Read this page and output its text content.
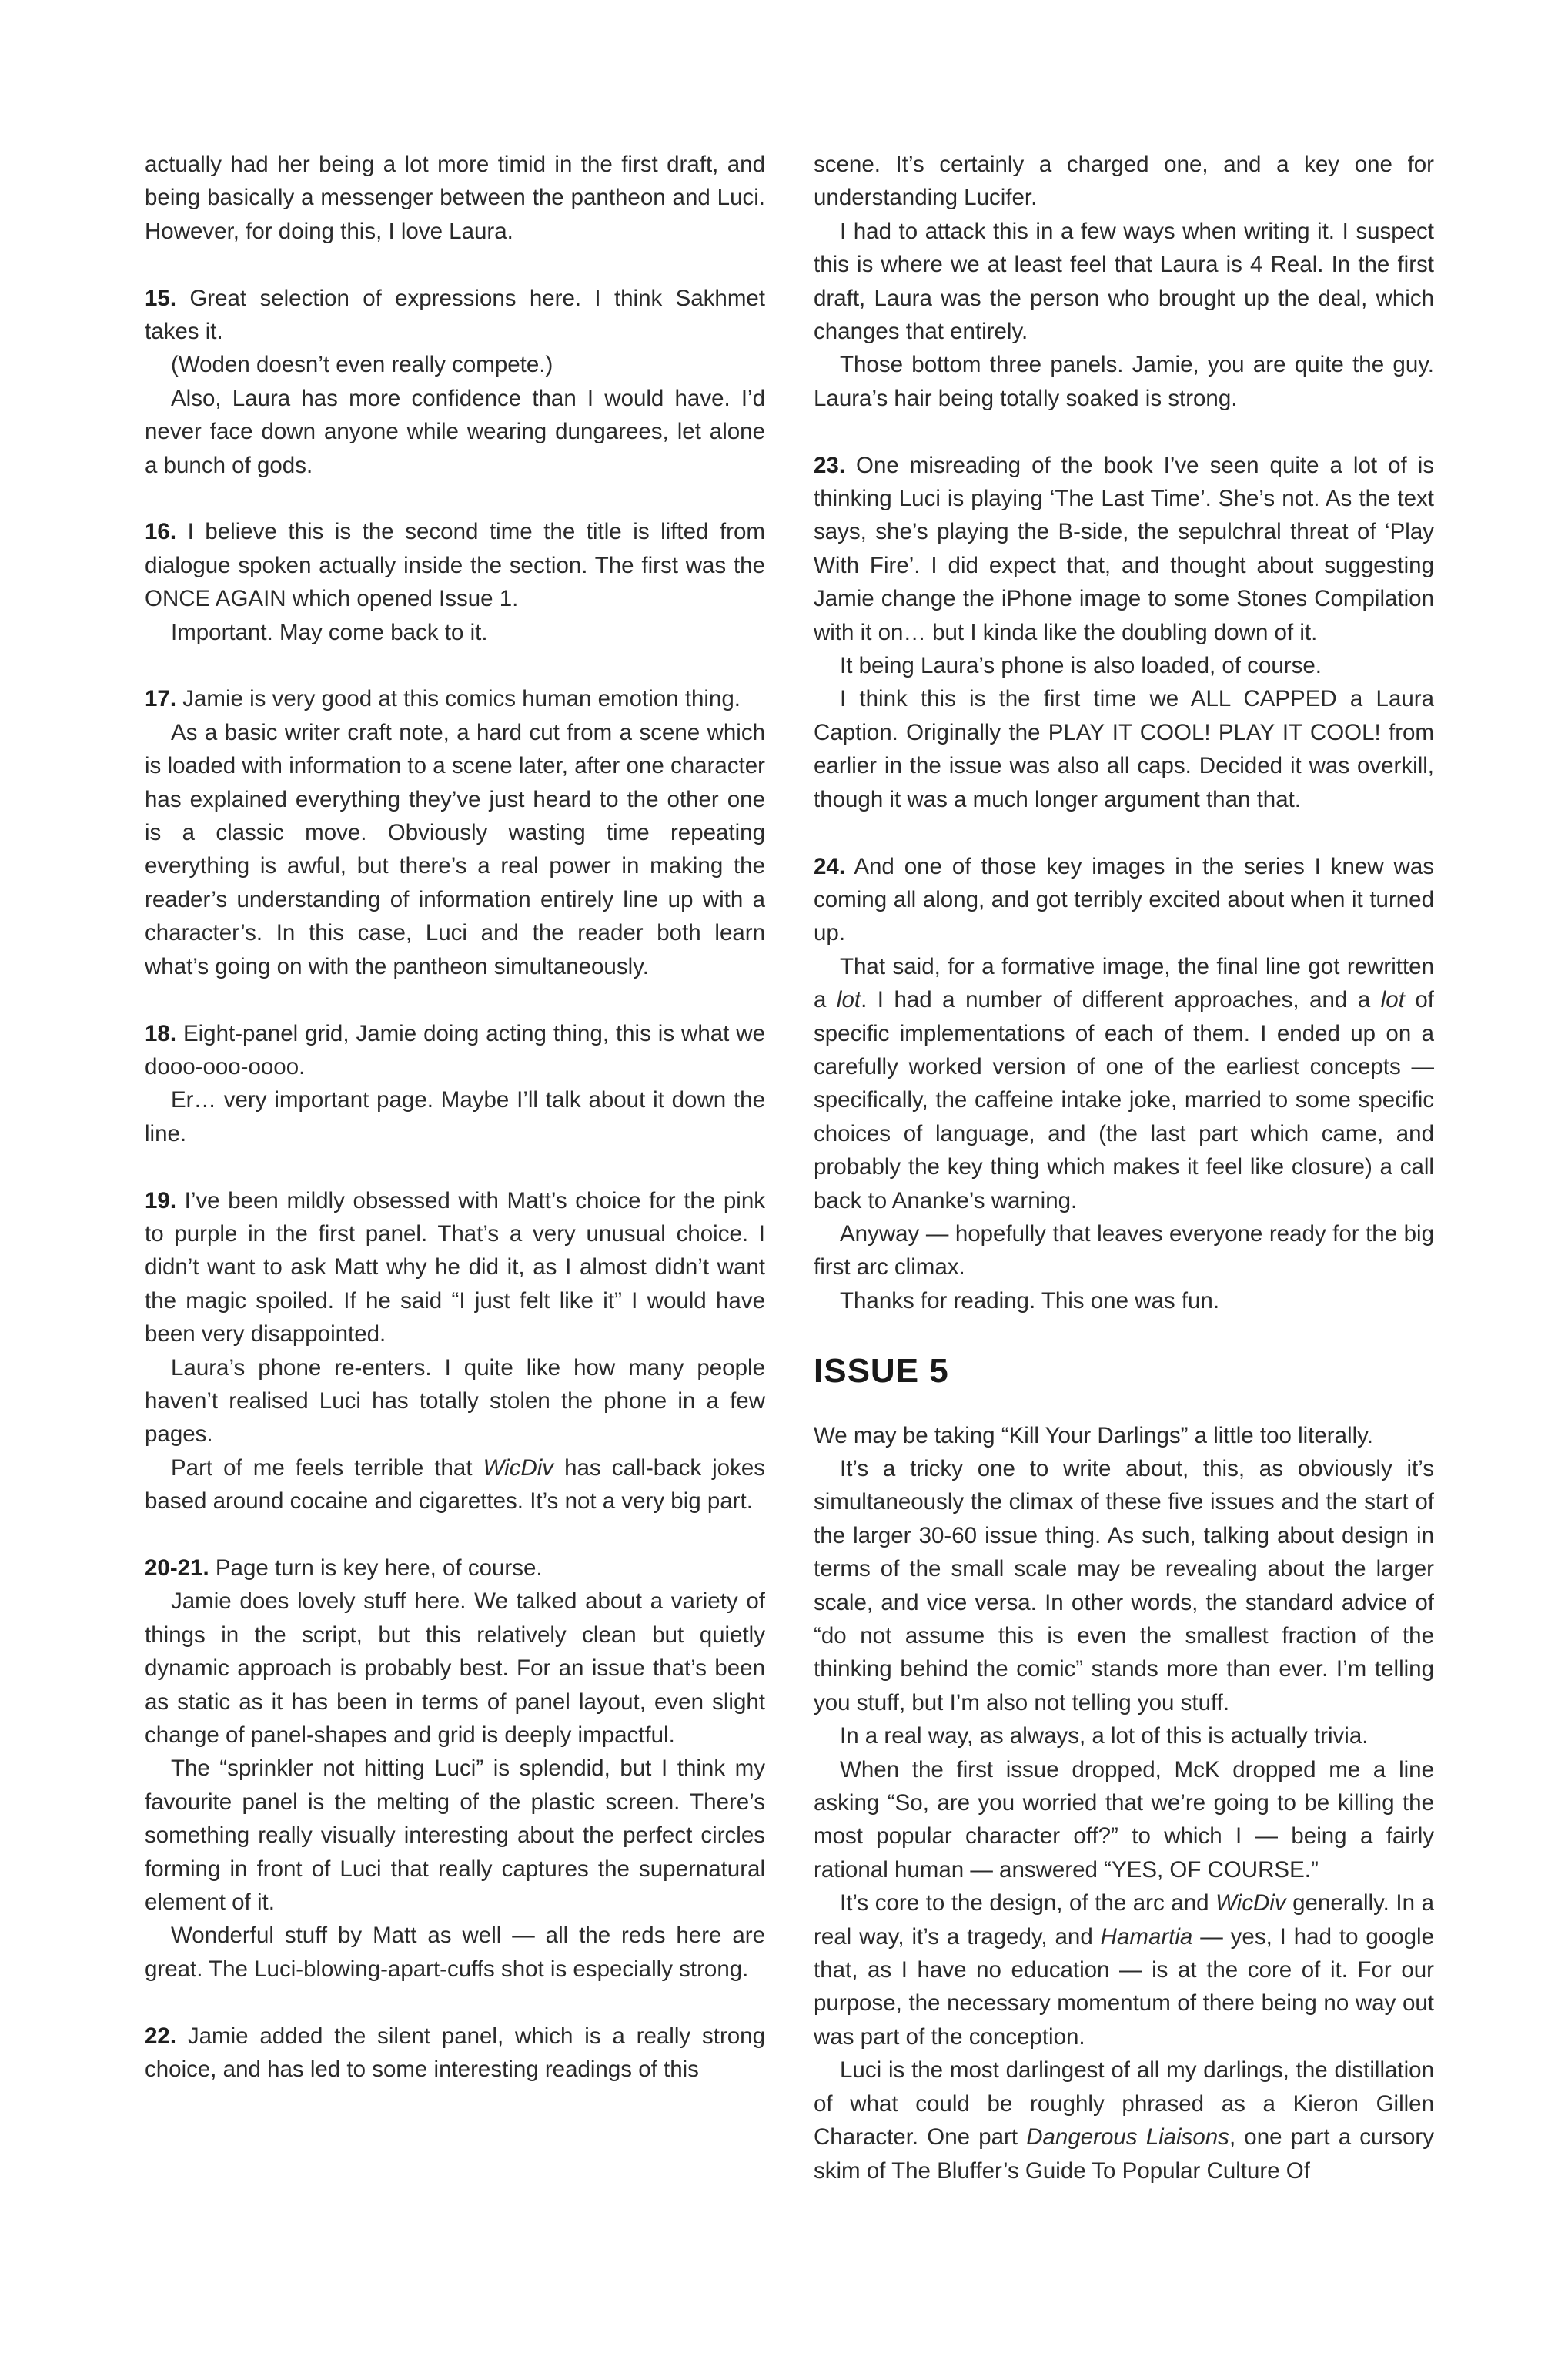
actually had her being a lot more timid in the first draft, and being basically a messenger between the pantheon and Luci. However, for doing this, I love Laura.

15. Great selection of expressions here. I think Sakhmet takes it.

(Woden doesn’t even really compete.)

Also, Laura has more confidence than I would have. I’d never face down anyone while wearing dungarees, let alone a bunch of gods.

16. I believe this is the second time the title is lifted from dialogue spoken actually inside the section. The first was the ONCE AGAIN which opened Issue 1.

Important. May come back to it.

17. Jamie is very good at this comics human emotion thing.

As a basic writer craft note, a hard cut from a scene which is loaded with information to a scene later, after one character has explained everything they’ve just heard to the other one is a classic move. Obviously wasting time repeating everything is awful, but there’s a real power in making the reader’s understanding of information entirely line up with a character’s. In this case, Luci and the reader both learn what’s going on with the pantheon simultaneously.

18. Eight-panel grid, Jamie doing acting thing, this is what we dooo-ooo-oooo.

Er… very important page. Maybe I’ll talk about it down the line.

19. I’ve been mildly obsessed with Matt’s choice for the pink to purple in the first panel. That’s a very unusual choice. I didn’t want to ask Matt why he did it, as I almost didn’t want the magic spoiled. If he said “I just felt like it” I would have been very disappointed.

Laura’s phone re-enters. I quite like how many people haven’t realised Luci has totally stolen the phone in a few pages.

Part of me feels terrible that WicDiv has call-back jokes based around cocaine and cigarettes. It’s not a very big part.

20-21. Page turn is key here, of course.

Jamie does lovely stuff here. We talked about a variety of things in the script, but this relatively clean but quietly dynamic approach is probably best. For an issue that’s been as static as it has been in terms of panel layout, even slight change of panel-shapes and grid is deeply impactful.

The “sprinkler not hitting Luci” is splendid, but I think my favourite panel is the melting of the plastic screen. There’s something really visually interesting about the perfect circles forming in front of Luci that really captures the supernatural element of it.

Wonderful stuff by Matt as well — all the reds here are great. The Luci-blowing-apart-cuffs shot is especially strong.

22. Jamie added the silent panel, which is a really strong choice, and has led to some interesting readings of this

scene. It’s certainly a charged one, and a key one for understanding Lucifer.

I had to attack this in a few ways when writing it. I suspect this is where we at least feel that Laura is 4 Real. In the first draft, Laura was the person who brought up the deal, which changes that entirely.

Those bottom three panels. Jamie, you are quite the guy. Laura’s hair being totally soaked is strong.

23. One misreading of the book I’ve seen quite a lot of is thinking Luci is playing ‘The Last Time’. She’s not. As the text says, she’s playing the B-side, the sepulchral threat of ‘Play With Fire’. I did expect that, and thought about suggesting Jamie change the iPhone image to some Stones Compilation with it on… but I kinda like the doubling down of it.

It being Laura’s phone is also loaded, of course.

I think this is the first time we ALL CAPPED a Laura Caption. Originally the PLAY IT COOL! PLAY IT COOL! from earlier in the issue was also all caps. Decided it was overkill, though it was a much longer argument than that.

24. And one of those key images in the series I knew was coming all along, and got terribly excited about when it turned up.

That said, for a formative image, the final line got rewritten a lot. I had a number of different approaches, and a lot of specific implementations of each of them. I ended up on a carefully worked version of one of the earliest concepts — specifically, the caffeine intake joke, married to some specific choices of language, and (the last part which came, and probably the key thing which makes it feel like closure) a call back to Ananke’s warning.

Anyway — hopefully that leaves everyone ready for the big first arc climax.

Thanks for reading. This one was fun.

ISSUE 5

We may be taking “Kill Your Darlings” a little too literally.

It’s a tricky one to write about, this, as obviously it’s simultaneously the climax of these five issues and the start of the larger 30-60 issue thing. As such, talking about design in terms of the small scale may be revealing about the larger scale, and vice versa. In other words, the standard advice of “do not assume this is even the smallest fraction of the thinking behind the comic” stands more than ever. I’m telling you stuff, but I’m also not telling you stuff.

In a real way, as always, a lot of this is actually trivia.

When the first issue dropped, McK dropped me a line asking “So, are you worried that we’re going to be killing the most popular character off?” to which I — being a fairly rational human — answered “YES, OF COURSE.”

It’s core to the design, of the arc and WicDiv generally. In a real way, it’s a tragedy, and Hamartia — yes, I had to google that, as I have no education — is at the core of it. For our purpose, the necessary momentum of there being no way out was part of the conception.

Luci is the most darlingest of all my darlings, the distillation of what could be roughly phrased as a Kieron Gillen Character. One part Dangerous Liaisons, one part a cursory skim of The Bluffer’s Guide To Popular Culture Of
